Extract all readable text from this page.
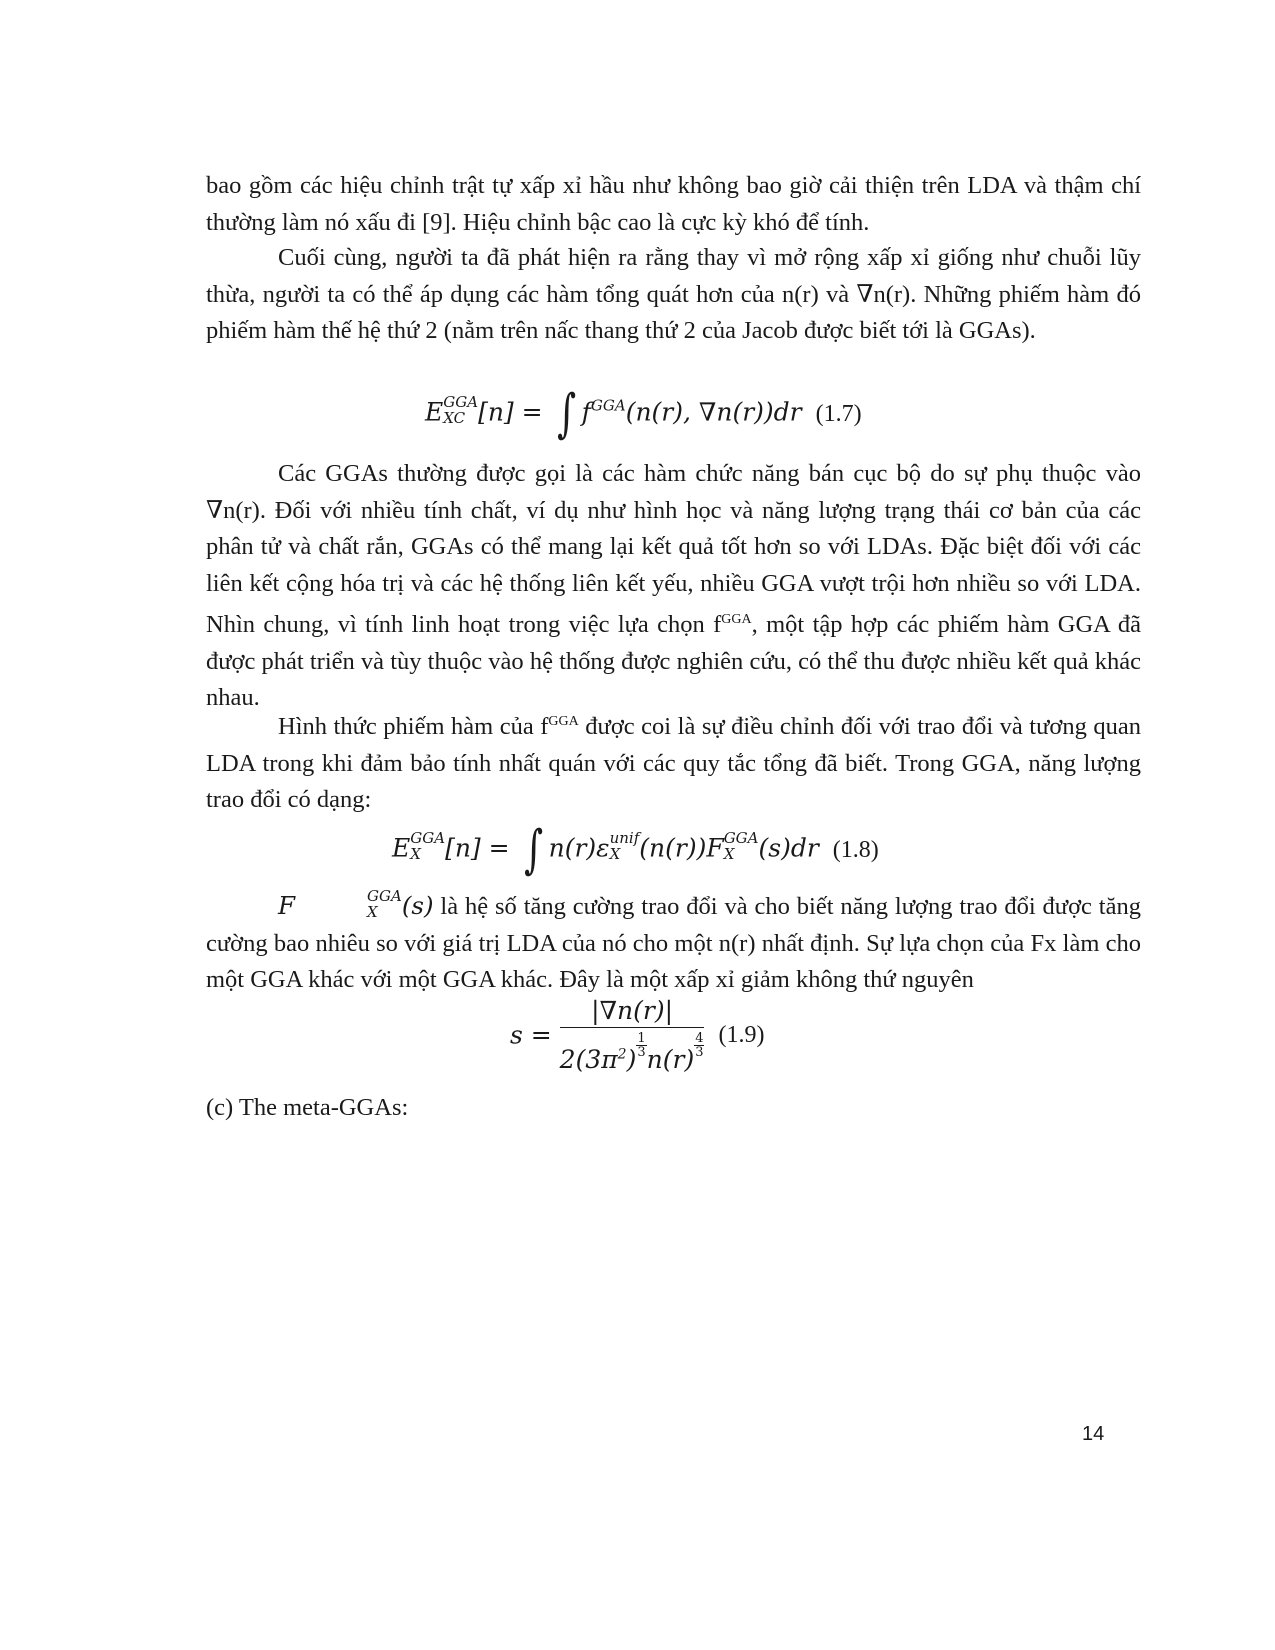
bao gồm các hiệu chỉnh trật tự xấp xỉ hầu như không bao giờ cải thiện trên LDA và thậm chí thường làm nó xấu đi [9]. Hiệu chỉnh bậc cao là cực kỳ khó để tính.

Cuối cùng, người ta đã phát hiện ra rằng thay vì mở rộng xấp xỉ giống như chuỗi lũy thừa, người ta có thể áp dụng các hàm tổng quát hơn của n(r) và ∇n(r). Những phiếm hàm đó phiếm hàm thế hệ thứ 2 (nằm trên nấc thang thứ 2 của Jacob được biết tới là GGAs).

E GGA
XC [n] = ∫ $f^{GGA}(n(r)$, ∇n(r))dr (1.7)

Các GGAs thường được gọi là các hàm chức năng bán cục bộ do sự phụ thuộc vào ∇n(r). Đối với nhiều tính chất, ví dụ như hình học và năng lượng trạng thái cơ bản của các phân tử và chất rắn, GGAs có thể mang lại kết quả tốt hơn so với LDAs. Đặc biệt đối với các liên kết cộng hóa trị và các hệ thống liên kết yếu, nhiều GGA vượt trội hơn nhiều so với LDA. Nhìn chung, vì tính linh hoạt trong việc lựa chọn $f^{GGA}$, một tập hợp các phiếm hàm GGA đã được phát triển và tùy thuộc vào hệ thống được nghiên cứu, có thể thu được nhiều kết quả khác nhau.

Hình thức phiếm hàm của $f^{GGA}$ được coi là sự điều chỉnh đối với trao đổi và tương quan LDA trong khi đảm bảo tính nhất quán với các quy tắc tổng đã biết. Trong GGA, năng lượng trao đổi có dạng:

E GGA
X [n] = ∫ n(r)ε unif
X (n(r))F GGA
X (s)dr (1.8)

F	GGA
X (s) là hệ số tăng cường trao đổi và cho biết năng lượng trao đổi được tăng cường bao nhiêu so với giá trị LDA của nó cho một n(r) nhất định. Sự lựa chọn của Fx làm cho một GGA khác với một GGA khác. Đây là một xấp xỉ giảm không thứ nguyên

$s = \frac{|\nabla n(r)|}{2(3\pi^2) \frac{1}{3} n(r) \frac{4}{3}} (1.9)$

(c) The meta-GGAs:

14
